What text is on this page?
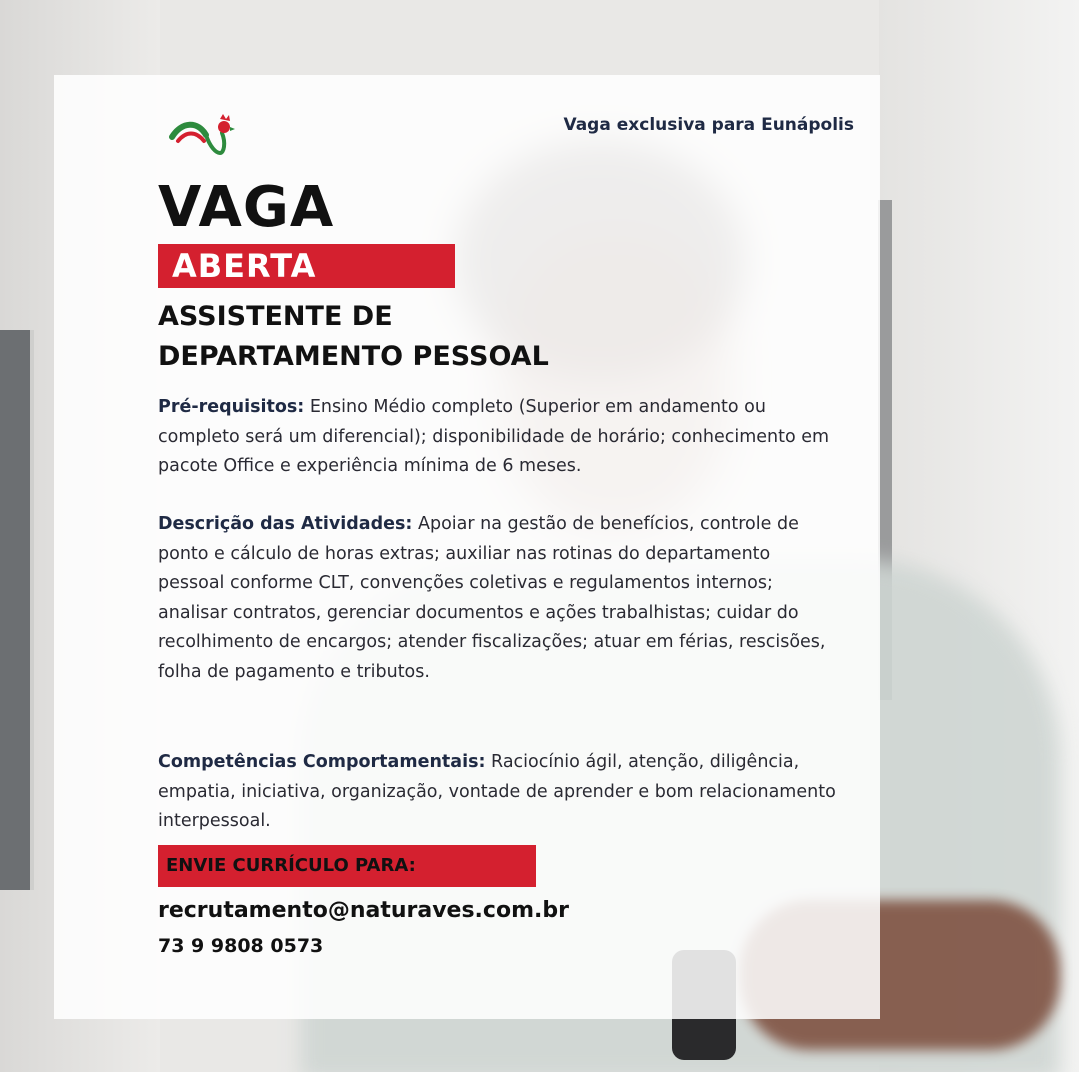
Vaga exclusiva para Eunápolis
VAGA
ABERTA
ASSISTENTE DE
DEPARTAMENTO PESSOAL
Pré-requisitos: Ensino Médio completo (Superior em andamento ou completo será um diferencial); disponibilidade de horário; conhecimento em pacote Office e experiência mínima de 6 meses.
Descrição das Atividades: Apoiar na gestão de benefícios, controle de ponto e cálculo de horas extras; auxiliar nas rotinas do departamento pessoal conforme CLT, convenções coletivas e regulamentos internos; analisar contratos, gerenciar documentos e ações trabalhistas; cuidar do recolhimento de encargos; atender fiscalizações; atuar em férias, rescisões, folha de pagamento e tributos.
Competências Comportamentais: Raciocínio ágil, atenção, diligência, empatia, iniciativa, organização, vontade de aprender e bom relacionamento interpessoal.
ENVIE CURRÍCULO PARA:
recrutamento@naturaves.com.br
73 9 9808 0573
